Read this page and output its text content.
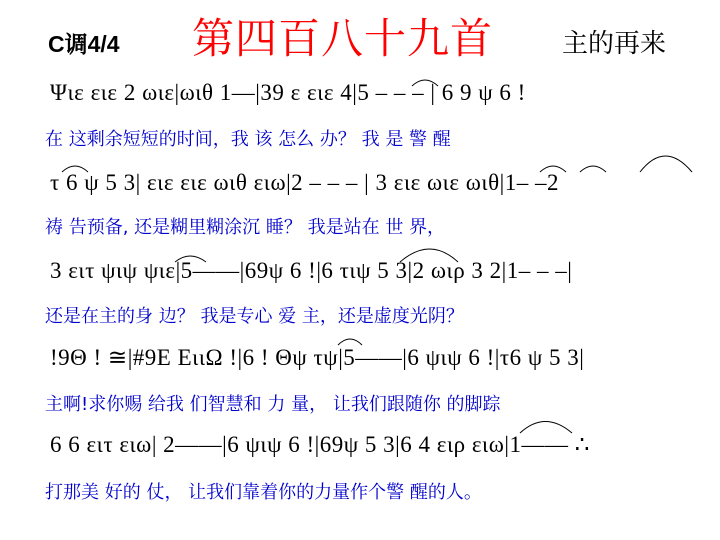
C调4/4 第四百八十九首	主的再来
Ψιε ειε 2 ωιε|ωιθ 1—|39 ε ειε 4|5 – – – | 6 9 ψ 6 !
在 这剩余短短的时间，我 该 怎么 办？ 我 是 警 醒
τ 6 ψ 5 3| ειε ειε ωιθ ειω|2 – – – | 3 ειε ωιε ωιθ|1– –2
祷 告预备, 还是糊里糊涂沉 睡？ 我是站在 世 界，
3 ειτ ψιψ ψιε|5——|69ψ 6 !|6 τιψ 5 3|2 ωιρ 3 2|1– – –|
还是在主的身 边？ 我是专心 爱 主，还是虚度光阴？
!9Θ ! ≅|#9E ΕιιΩ !|6 ! Θψ τψ|5——|6 ψιψ 6 !|τ6 ψ 5 3|
主啊!求你赐 给我 们智慧和 力 量， 让我们跟随你 的脚踪
6 6 ειτ ειω| 2——|6 ψιψ 6 !|69ψ 5 3|6 4 ειρ ειω|1—— ∴
打那美 好的 仗， 让我们靠着你的力量作个警 醒的人。
